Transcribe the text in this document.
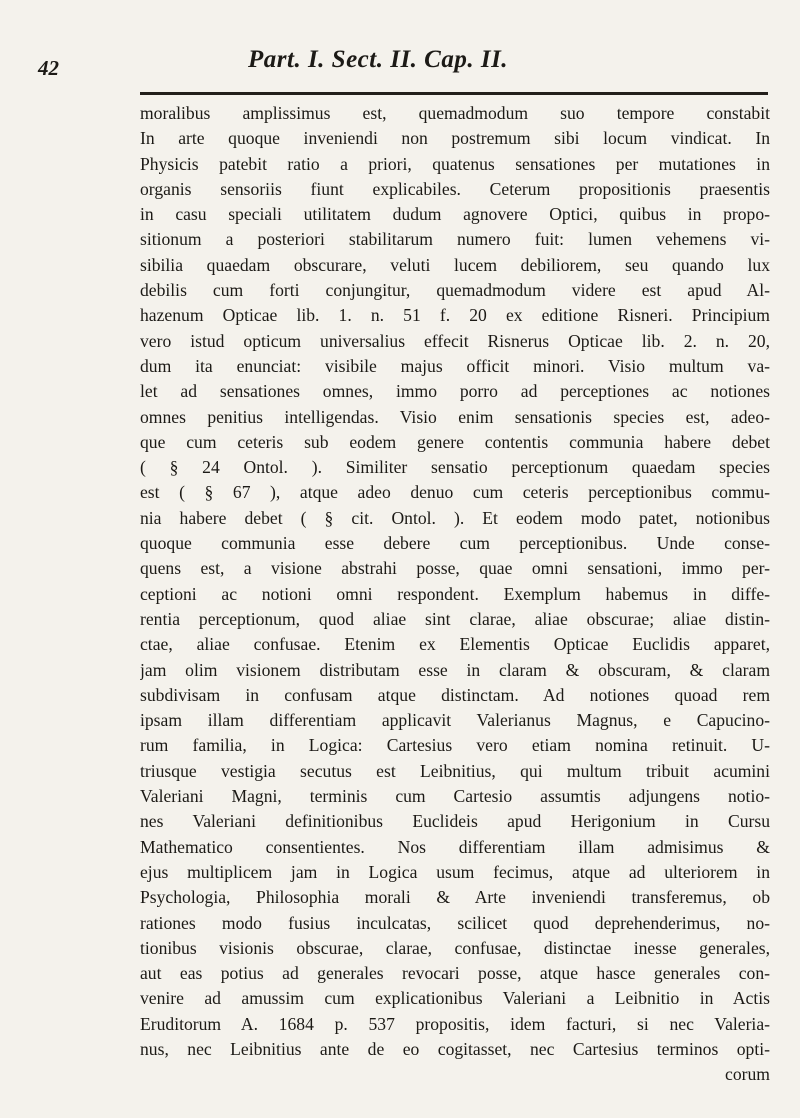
42	Part. I. Sect. II. Cap. II.
moralibus amplissimus est, quemadmodum suo tempore constabit
In arte quoque inveniendi non postremum sibi locum vindicat. In
Physicis patebit ratio a priori, quatenus sensationes per mutationes in
organis sensoriis fiunt explicabiles. Ceterum propositionis praesentis
in casu speciali utilitatem dudum agnovere Optici, quibus in propo-
sitionum a posteriori stabilitarum numero fuit: lumen vehemens vi-
sibilia quaedam obscurare, veluti lucem debiliorem, seu quando lux
debilis cum forti conjungitur, quemadmodum videre est apud Al-
hazenum Opticae lib. 1. n. 51 f. 20 ex editione Risneri. Principium
vero istud opticum universalius effecit Risnerus Opticae lib. 2. n. 20,
dum ita enunciat: visibile majus officit minori. Visio multum va-
let ad sensationes omnes, immo porro ad perceptiones ac notiones
omnes penitius intelligendas. Visio enim sensationis species est, adeo-
que cum ceteris sub eodem genere contentis communia habere debet
( § 24 Ontol. ). Similiter sensatio perceptionum quaedam species
est ( § 67 ), atque adeo denuo cum ceteris perceptionibus commu-
nia habere debet ( § cit. Ontol. ). Et eodem modo patet, notionibus
quoque communia esse debere cum perceptionibus. Unde conse-
quens est, a visione abstrahi posse, quae omni sensationi, immo per-
ceptioni ac notioni omni respondent. Exemplum habemus in diffe-
rentia perceptionum, quod aliae sint clarae, aliae obscurae; aliae distin-
ctae, aliae confusae. Etenim ex Elementis Opticae Euclidis apparet,
jam olim visionem distributam esse in claram & obscuram, & claram
subdivisam in confusam atque distinctam. Ad notiones quoad rem
ipsam illam differentiam applicavit Valerianus Magnus, e Capucino-
rum familia, in Logica: Cartesius vero etiam nomina retinuit. U-
triusque vestigia secutus est Leibnitius, qui multum tribuit acumini
Valeriani Magni, terminis cum Cartesio assumtis adjungens notio-
nes Valeriani definitionibus Euclideis apud Herigonium in Cursu
Mathematico consentientes. Nos differentiam illam admisimus &
ejus multiplicem jam in Logica usum fecimus, atque ad ulteriorem in
Psychologia, Philosophia morali & Arte inveniendi transferemus, ob
rationes modo fusius inculcatas, scilicet quod deprehenderimus, no-
tionibus visionis obscurae, clarae, confusae, distinctae inesse generales,
aut eas potius ad generales revocari posse, atque hasce generales con-
venire ad amussim cum explicationibus Valeriani a Leibnitio in Actis
Eruditorum A. 1684 p. 537 propositis, idem facturi, si nec Valeria-
nus, nec Leibnitius ante de eo cogitasset, nec Cartesius terminos opti-
corum
